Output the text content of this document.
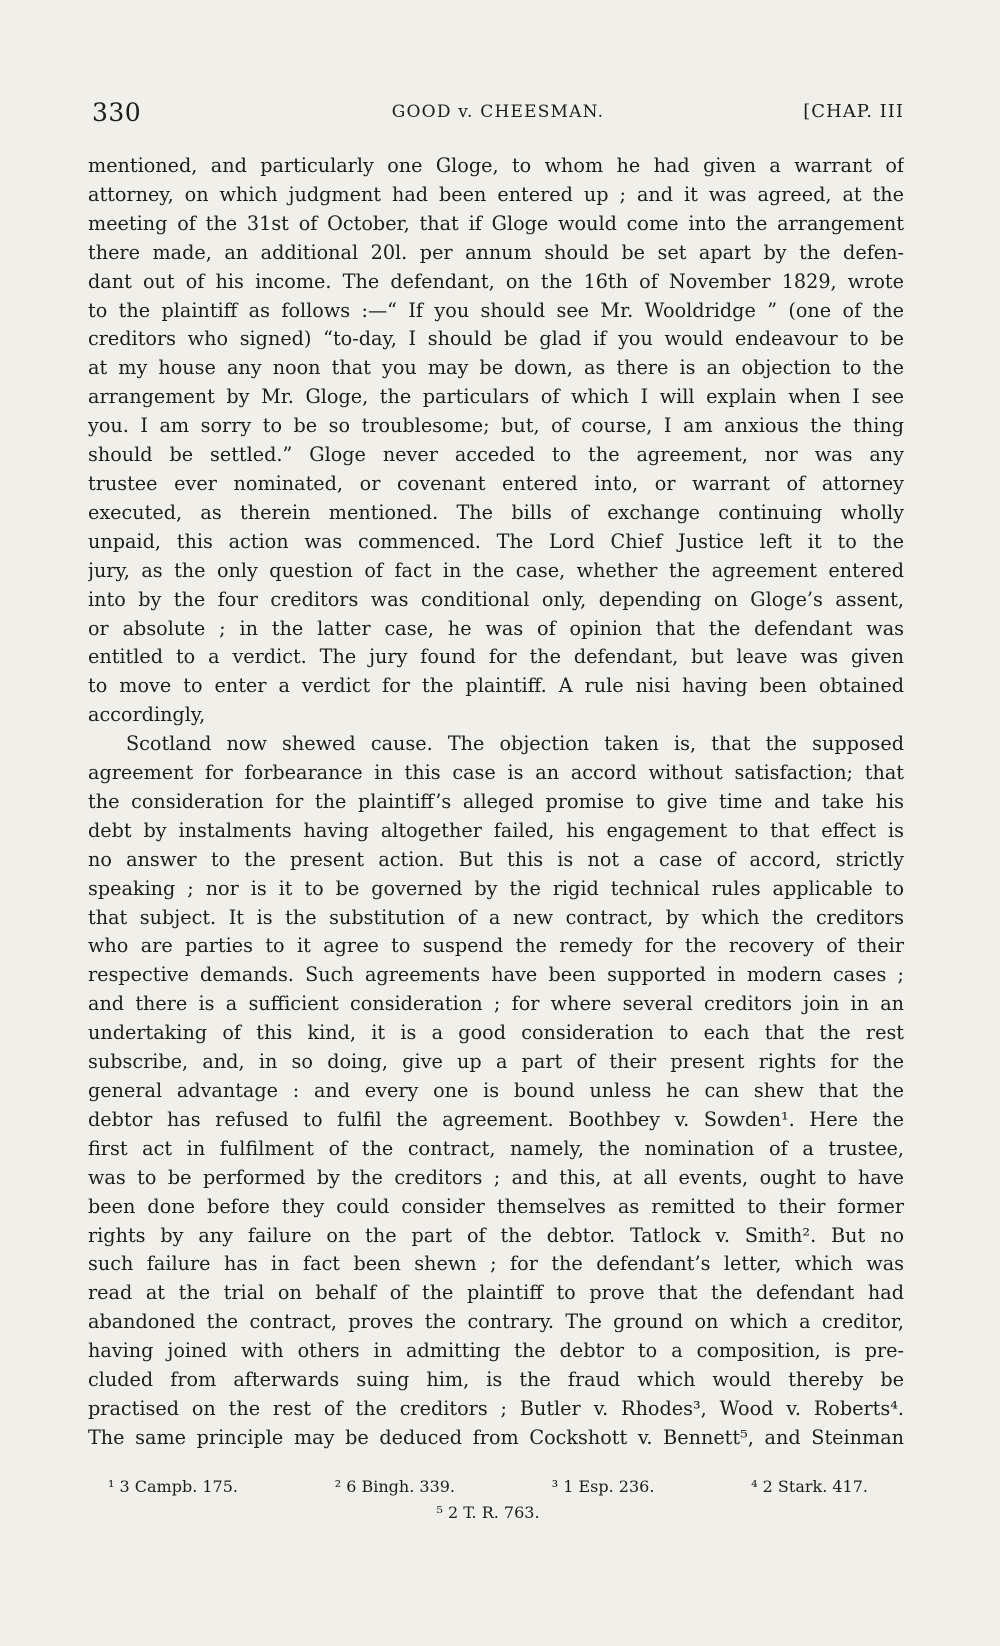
330	GOOD v. CHEESMAN.	[CHAP. III
mentioned, and particularly one Gloge, to whom he had given a warrant of
attorney, on which judgment had been entered up ; and it was agreed, at the
meeting of the 31st of October, that if Gloge would come into the arrangement
there made, an additional 20l. per annum should be set apart by the defen-
dant out of his income. The defendant, on the 16th of November 1829, wrote
to the plaintiff as follows :—“ If you should see Mr. Wooldridge ” (one of the
creditors who signed) “to-day, I should be glad if you would endeavour to be
at my house any noon that you may be down, as there is an objection to the
arrangement by Mr. Gloge, the particulars of which I will explain when I see
you. I am sorry to be so troublesome; but, of course, I am anxious the thing
should be settled.” Gloge never acceded to the agreement, nor was any
trustee ever nominated, or covenant entered into, or warrant of attorney
executed, as therein mentioned. The bills of exchange continuing wholly
unpaid, this action was commenced. The Lord Chief Justice left it to the
jury, as the only question of fact in the case, whether the agreement entered
into by the four creditors was conditional only, depending on Gloge’s assent,
or absolute ; in the latter case, he was of opinion that the defendant was
entitled to a verdict. The jury found for the defendant, but leave was given
to move to enter a verdict for the plaintiff. A rule nisi having been obtained
accordingly,
Scotland now shewed cause. The objection taken is, that the supposed
agreement for forbearance in this case is an accord without satisfaction; that
the consideration for the plaintiff’s alleged promise to give time and take his
debt by instalments having altogether failed, his engagement to that effect is
no answer to the present action. But this is not a case of accord, strictly
speaking ; nor is it to be governed by the rigid technical rules applicable to
that subject. It is the substitution of a new contract, by which the creditors
who are parties to it agree to suspend the remedy for the recovery of their
respective demands. Such agreements have been supported in modern cases ;
and there is a sufficient consideration ; for where several creditors join in an
undertaking of this kind, it is a good consideration to each that the rest
subscribe, and, in so doing, give up a part of their present rights for the
general advantage : and every one is bound unless he can shew that the
debtor has refused to fulfil the agreement. Boothbey v. Sowden¹. Here the
first act in fulfilment of the contract, namely, the nomination of a trustee,
was to be performed by the creditors ; and this, at all events, ought to have
been done before they could consider themselves as remitted to their former
rights by any failure on the part of the debtor. Tatlock v. Smith². But no
such failure has in fact been shewn ; for the defendant’s letter, which was
read at the trial on behalf of the plaintiff to prove that the defendant had
abandoned the contract, proves the contrary. The ground on which a creditor,
having joined with others in admitting the debtor to a composition, is pre-
cluded from afterwards suing him, is the fraud which would thereby be
practised on the rest of the creditors ; Butler v. Rhodes³, Wood v. Roberts⁴.
The same principle may be deduced from Cockshott v. Bennett⁵, and Steinman
¹ 3 Campb. 175.	² 6 Bingh. 339.	³ 1 Esp. 236.	⁴ 2 Stark. 417.
⁵ 2 T. R. 763.
